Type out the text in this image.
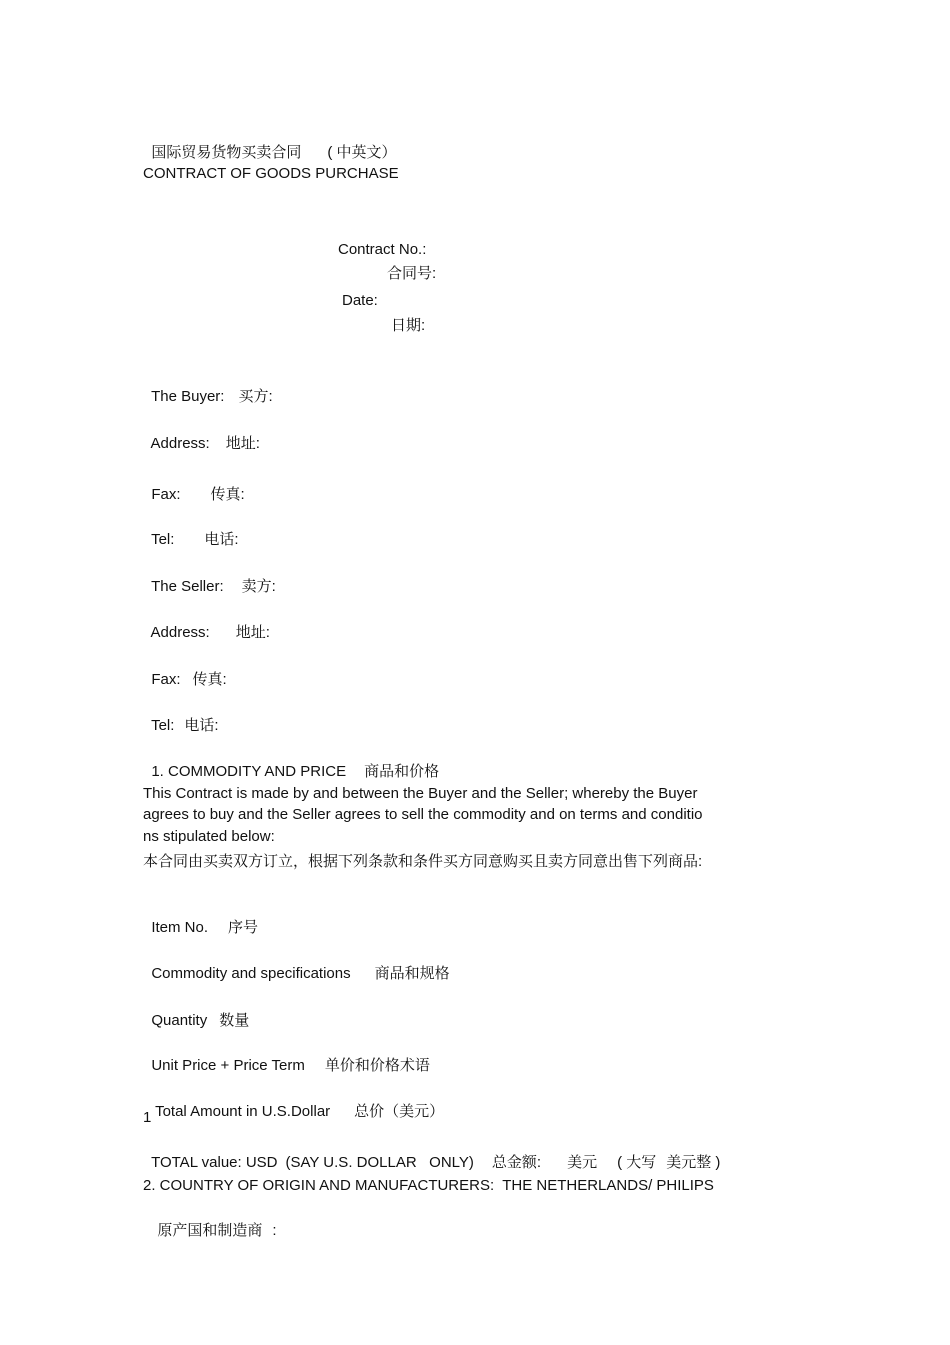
国际贸易货物买卖合同 ( 中英文）

CONTRACT OF GOODS PURCHASE
Contract No.:
合同号:
Date:
日期:

The Buyer: 买方:

Address: 地址:

Fax: 传真:

Tel: 电话:

The Seller: 卖方:

Address: 地址:

Fax: 传真:

Tel: 电话:

1. COMMODITY AND PRICE 商品和价格

This Contract is made by and between the Buyer and the Seller; whereby the Buyer
agrees to buy and the Seller agrees to sell the commodity and on terms and conditio
ns stipulated below:
本合同由买卖双方订立，根据下列条款和条件买方同意购买且卖方同意出售下列商品:

Item No. 序号

Commodity and specifications 商品和规格

Quantity 数量

Unit Price + Price Term 单价和价格术语

Total Amount in U.S.Dollar 总价（美元）

1

TOTAL value: USD (SAY U.S. DOLLAR   ONLY) 总金额: 美元 ( 大写 美元整 )

2. COUNTRY OF ORIGIN AND MANUFACTURERS:  THE NETHERLANDS/ PHILIPS

原产国和制造商 :
